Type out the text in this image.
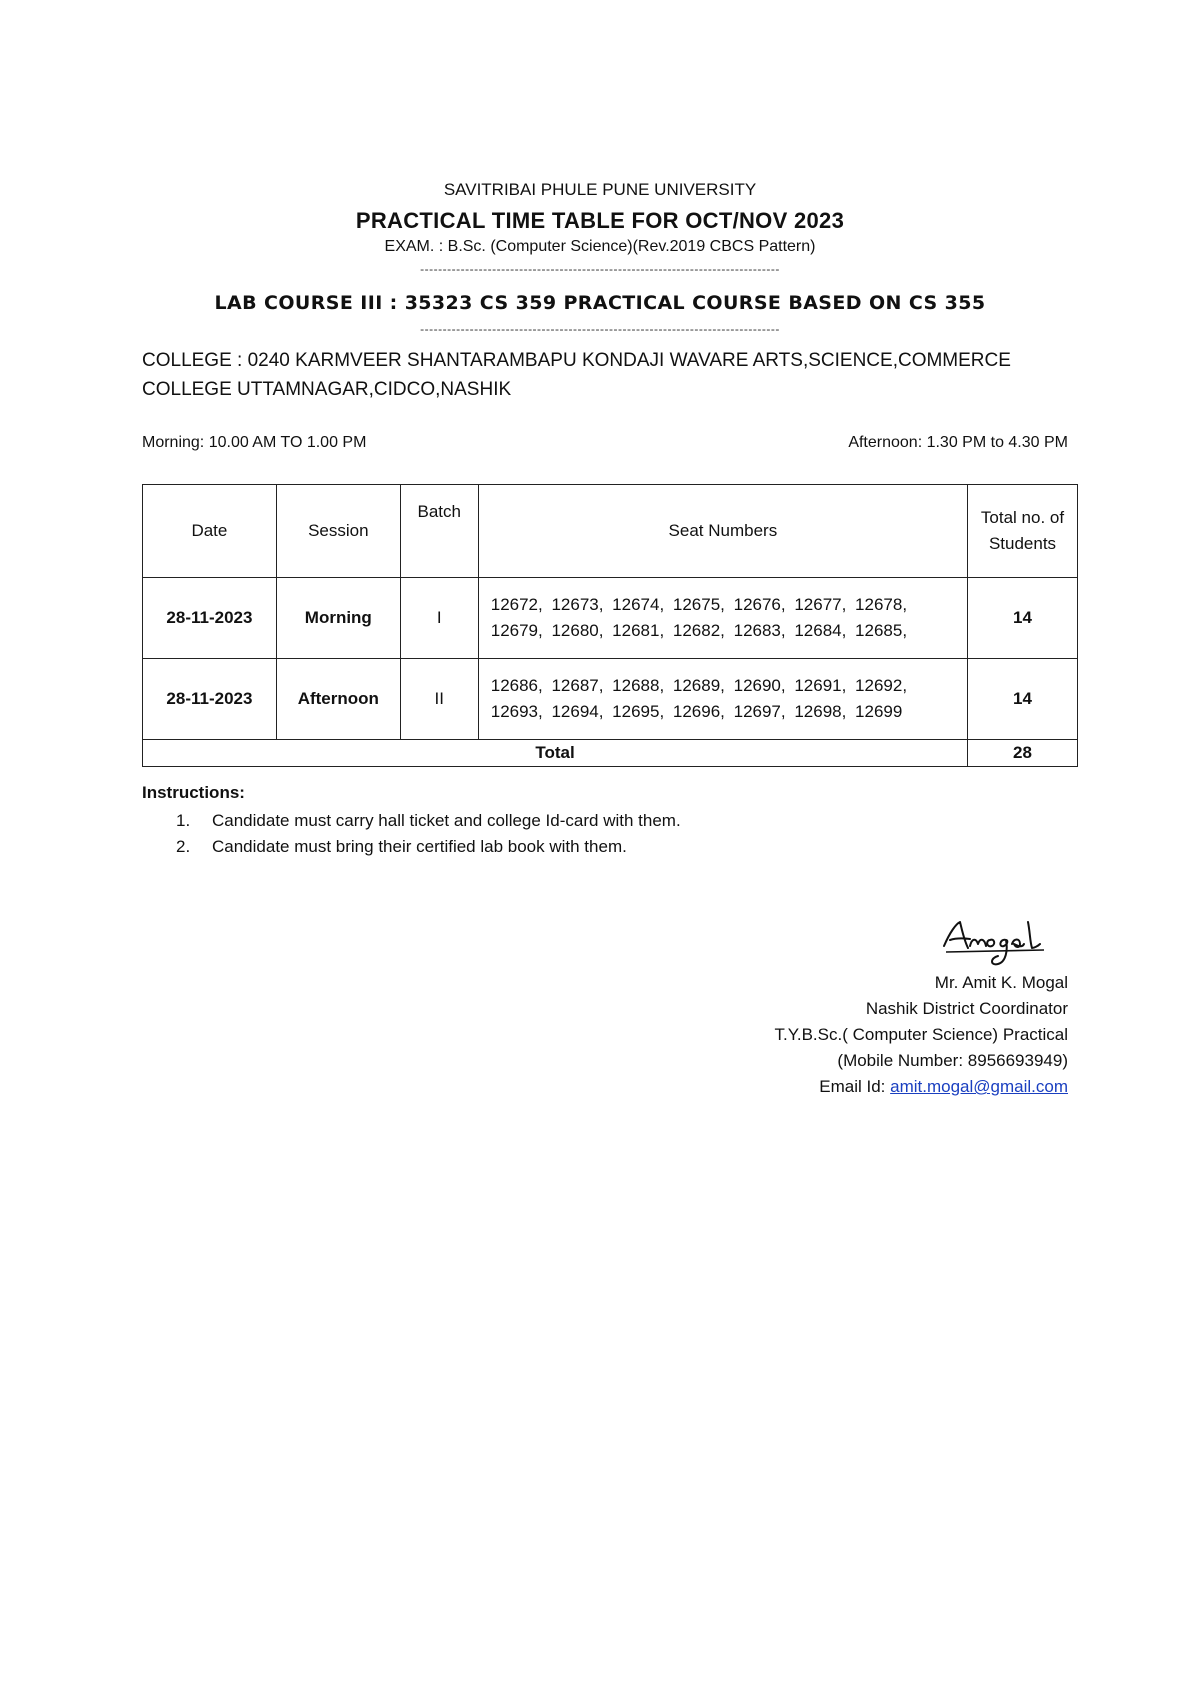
SAVITRIBAI PHULE PUNE UNIVERSITY
PRACTICAL TIME TABLE FOR OCT/NOV 2023
EXAM. : B.Sc. (Computer Science)(Rev.2019 CBCS Pattern)
--------------------------------------------------------------------------------
LAB COURSE III : 35323 CS 359 PRACTICAL COURSE BASED ON CS 355
--------------------------------------------------------------------------------
COLLEGE : 0240 KARMVEER SHANTARAMBAPU KONDAJI WAVARE ARTS,SCIENCE,COMMERCE COLLEGE UTTAMNAGAR,CIDCO,NASHIK
Morning: 10.00 AM TO 1.00 PM	Afternoon: 1.30 PM to 4.30 PM
Date	Session	Batch	Seat Numbers	Total no. of Students
28-11-2023	Morning	I	12672, 12673, 12674, 12675, 12676, 12677, 12678, 12679, 12680, 12681, 12682, 12683, 12684, 12685,	14
28-11-2023	Afternoon	II	12686, 12687, 12688, 12689, 12690, 12691, 12692, 12693, 12694, 12695, 12696, 12697, 12698, 12699	14
Total				28
Instructions:
1. Candidate must carry hall ticket and college Id-card with them.
2. Candidate must bring their certified lab book with them.
Mr. Amit K. Mogal
Nashik District Coordinator
T.Y.B.Sc.( Computer Science) Practical
(Mobile Number: 8956693949)
Email Id: amit.mogal@gmail.com
